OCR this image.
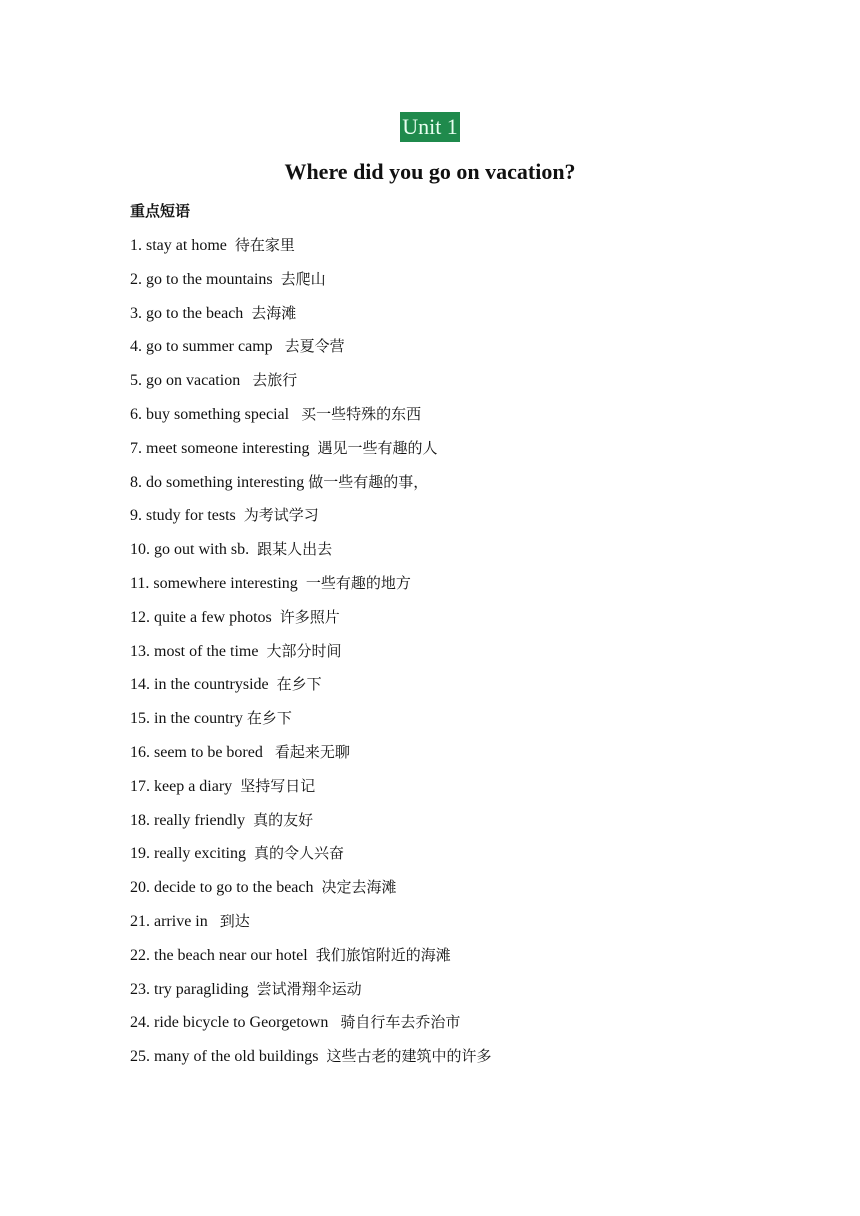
Unit 1
Where did you go on vacation?
重点短语
1. stay at home 待在家里
2. go to the mountains 去爬山
3. go to the beach 去海滩
4. go to summer camp 去夏令营
5. go on vacation 去旅行
6. buy something special 买一些特殊的东西
7. meet someone interesting 遇见一些有趣的人
8. do something interesting 做一些有趣的事，
9. study for tests 为考试学习
10. go out with sb. 跟某人出去
11. somewhere interesting 一些有趣的地方
12. quite a few photos 许多照片
13. most of the time 大部分时间
14. in the countryside 在乡下
15. in the country 在乡下
16. seem to be bored 看起来无聊
17. keep a diary 坚持写日记
18. really friendly 真的友好
19. really exciting 真的令人兴奋
20. decide to go to the beach 决定去海滩
21. arrive in 到达
22. the beach near our hotel 我们旅馆附近的海滩
23. try paragliding 尝试滑翔伞运动
24. ride bicycle to Georgetown 骑自行车去乔治市
25. many of the old buildings 这些古老的建筑中的许多
